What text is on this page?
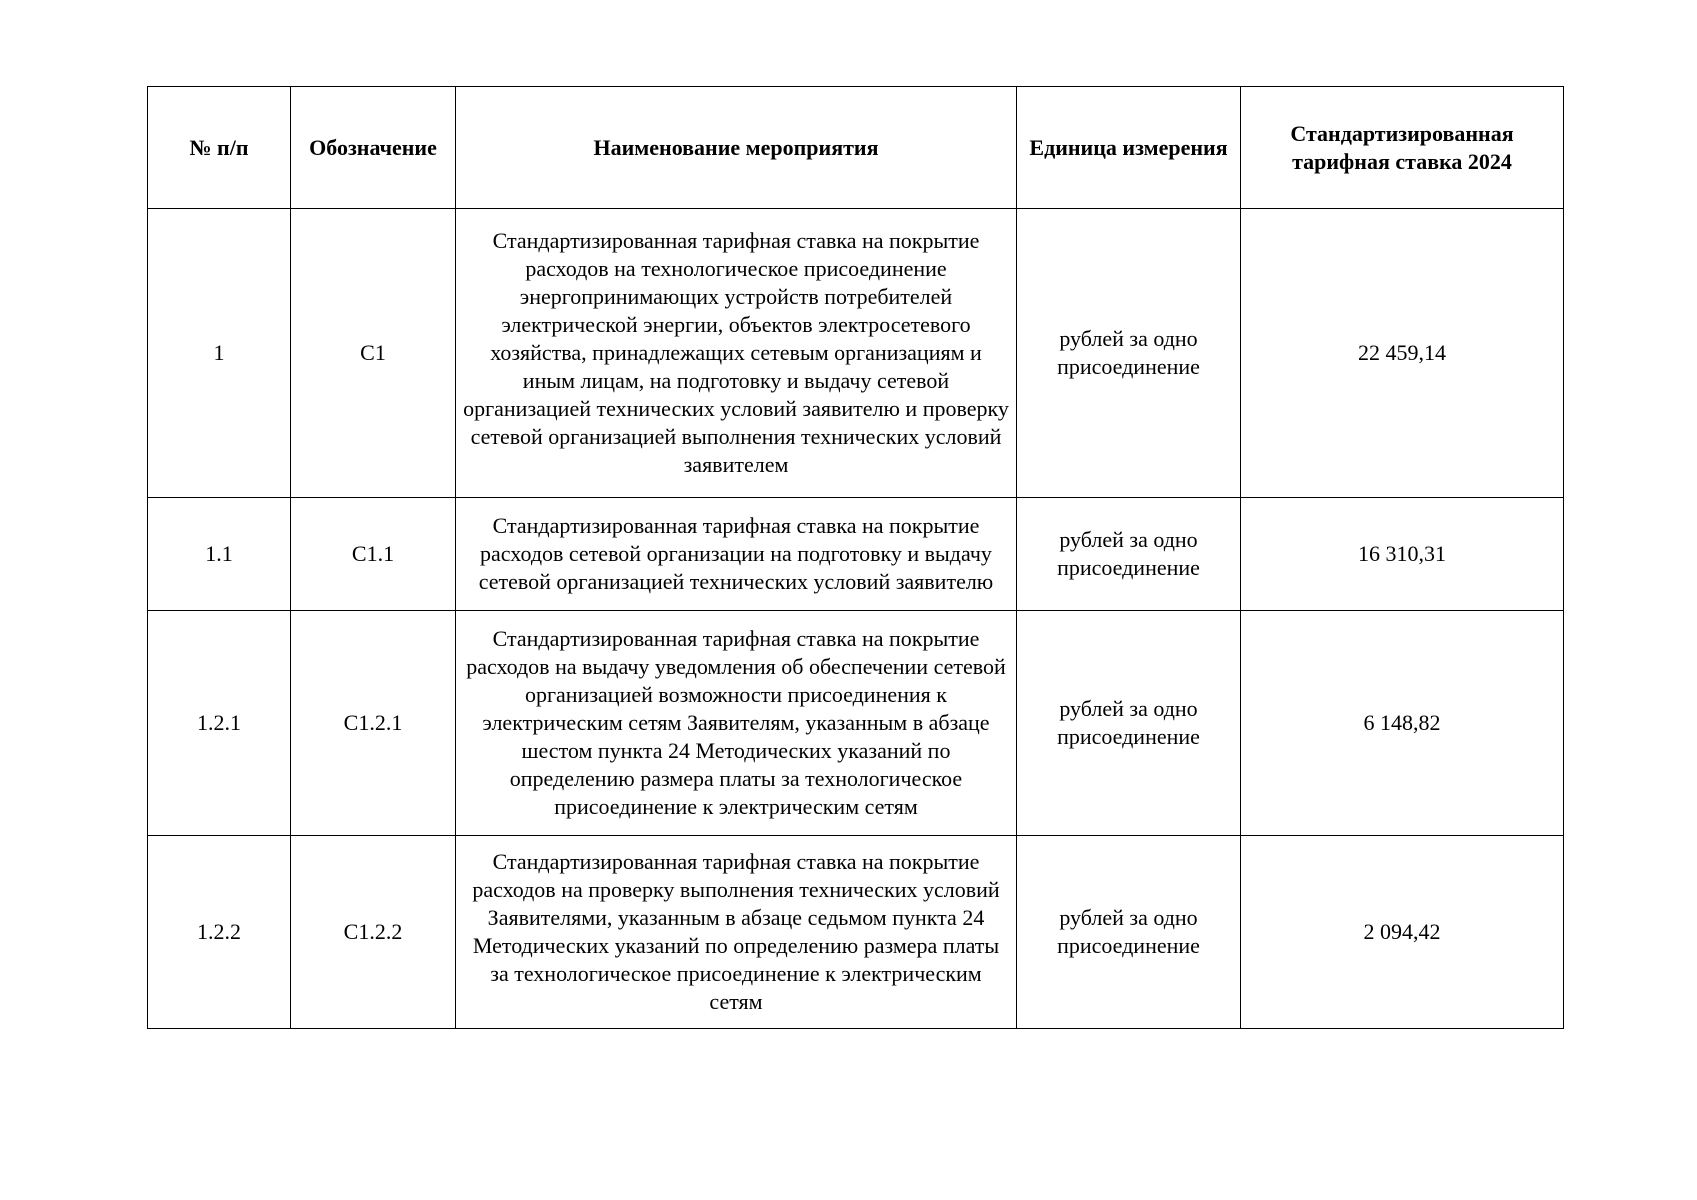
№ п/п	Обозначение	Наименование мероприятия	Единица измерения	Стандартизированная тарифная ставка 2024
1	С1	Стандартизированная тарифная ставка на покрытие расходов на технологическое присоединение энергопринимающих устройств потребителей электрической энергии, объектов электросетевого хозяйства, принадлежащих сетевым организациям и иным лицам, на подготовку и выдачу сетевой организацией технических условий заявителю и проверку сетевой организацией выполнения технических условий заявителем	рублей за одно присоединение	22 459,14
1.1	С1.1	Стандартизированная тарифная ставка на покрытие расходов сетевой организации на подготовку и выдачу сетевой организацией технических условий заявителю	рублей за одно присоединение	16 310,31
1.2.1	С1.2.1	Стандартизированная тарифная ставка на покрытие расходов на выдачу уведомления об обеспечении сетевой организацией возможности присоединения к электрическим сетям Заявителям, указанным в абзаце шестом пункта 24 Методических указаний по определению размера платы за технологическое присоединение к электрическим сетям	рублей за одно присоединение	6 148,82
1.2.2	С1.2.2	Стандартизированная тарифная ставка на покрытие расходов на проверку выполнения технических условий Заявителями, указанным в абзаце седьмом пункта 24 Методических указаний по определению размера платы за технологическое присоединение к электрическим сетям	рублей за одно присоединение	2 094,42
